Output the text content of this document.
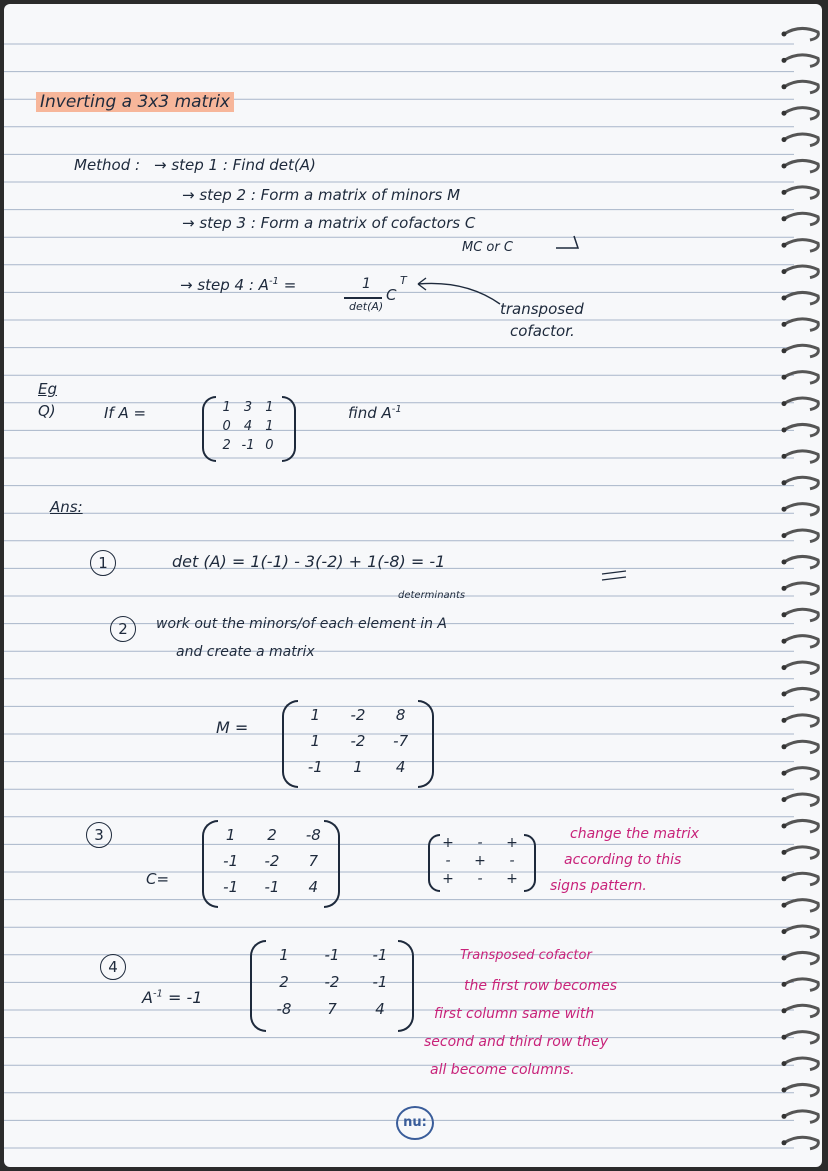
Inverting a 3x3 matrix
Method : → step 1 : Find det(A)
→ step 2 : Form a matrix of minors M
→ step 3 : Form a matrix of cofactors C
MC or C
→ step 4 : $A^{-1}$ =	1
det(A)
C
T
transposed
cofactor.
Eg
Q)	If A =	1	3	1
0	4	1
2 -1 0
find $A^{-1}$
Ans:
1	det (A) = 1(-1) - 3(-2) + 1(-8) = -1
determinants
2	work out the minors/of each element in A
and create a matrix
M =
1	-2	8
1	-2	-7
-1	1	4
3
C=
1	2	-8
-1	-2	7
-1	-1	4
+	-	+
-	+	-
+	-	+
change the matrix
according to this
signs pattern.
4
$A^{-1} = -1$
1	-1	-1
2	-2	-1
-8	7	4
Transposed cofactor
the first row becomes
first column same with
second and third row they
all become columns.
nu:
